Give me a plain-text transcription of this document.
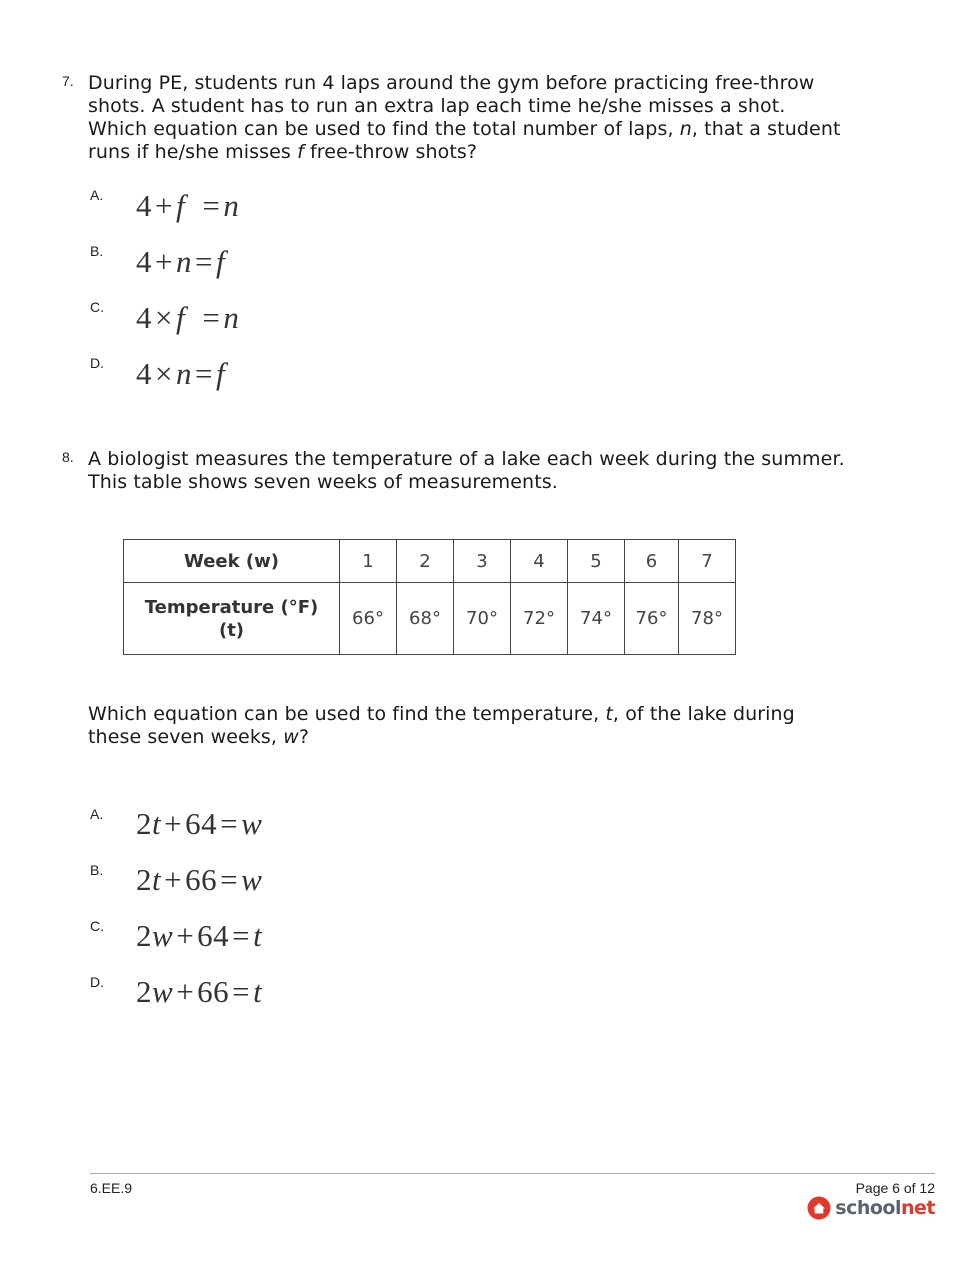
7. During PE, students run 4 laps around the gym before practicing free-throw shots. A student has to run an extra lap each time he/she misses a shot. Which equation can be used to find the total number of laps, n, that a student runs if he/she misses f free-throw shots?
A. 4+f =n
B. 4+n=f
C. 4×f =n
D. 4×n=f
8. A biologist measures the temperature of a lake each week during the summer. This table shows seven weeks of measurements.
Week (w)	1	2	3	4	5	6	7
Temperature (°F)
(t)	66°	68°	70°	72°	74°	76°	78°
Which equation can be used to find the temperature, t, of the lake during these seven weeks, w?
A. 2t+64=w
B. 2t+66=w
C. 2w+64=t
D. 2w+66=t
6.EE.9	Page 6 of 12
schoolnet
